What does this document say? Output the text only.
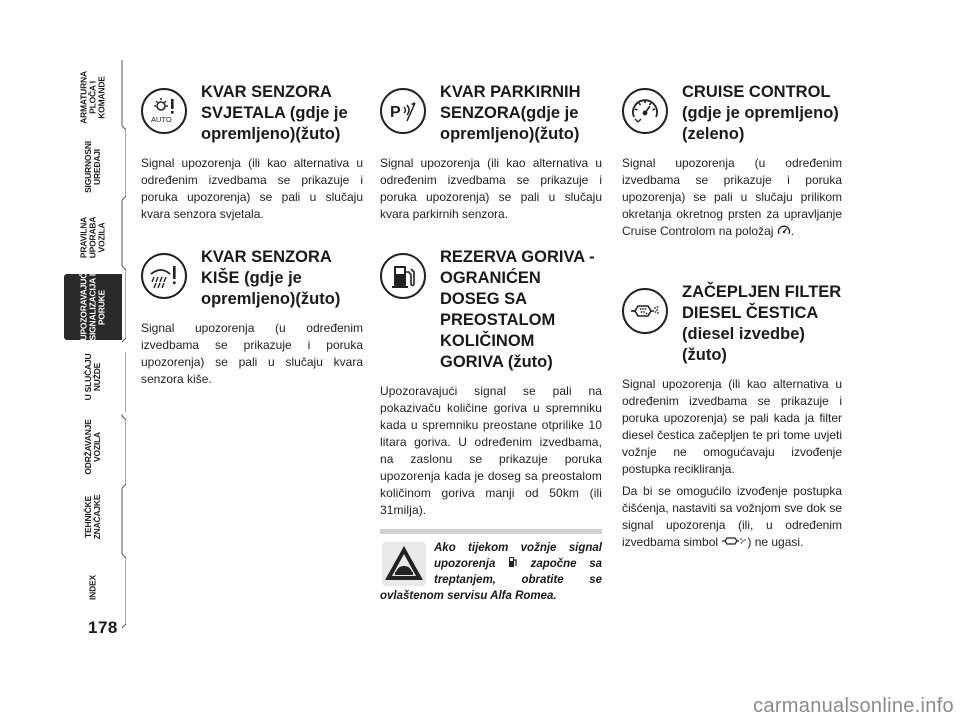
ARMATURNA
PLOČA I
KOMANDE
SIGURNOSNI
UREĐAJI
PRAVILNA
UPORABA
VOZILA
UPOZORAVAJUĆA
SIGNALIZACIJA I
PORUKE
U SLUČAJU
NUŽDE
ODRŽAVANJE
VOZILA
TEHNIČKE
ZNAČAJKE
INDEX
178
AUTO
KVAR SENZORA
SVJETALA (gdje je
opremljeno)(žuto)

Signal upozorenja (ili kao alternativa u određenim izvedbama se prikazuje i poruka upozorenja) se pali u slučaju kvara senzora svjetala.

KVAR SENZORA
KIŠE (gdje je
opremljeno)(žuto)

Signal upozorenja (u određenim izvedbama se prikazuje i poruka upozorenja) se pali u slučaju kvara senzora kiše.

P
KVAR PARKIRNIH
SENZORA(gdje je
opremljeno)(žuto)

Signal upozorenja (ili kao alternativa u određenim izvedbama se prikazuje i poruka upozorenja) se pali u slučaju kvara parkirnih senzora.

REZERVA GORIVA -
OGRANIĆEN
DOSEG SA
PREOSTALOM
KOLIČINOM
GORIVA (žuto)

Upozoravajući signal se pali na pokazivaču količine goriva u spremniku kada u spremniku preostane otprilike 10 litara goriva. U određenim izvedbama, na zaslonu se prikazuje poruka upozorenja kada je doseg sa preostalom količinom goriva manji od 50km (ili 31milja).

Ako tijekom vožnje signal upozorenja  započne sa treptanjem, obratite se ovlaštenom servisu Alfa Romea.

CRUISE CONTROL
(gdje je opremljeno)
(zeleno)

Signal upozorenja (u određenim izvedbama se prikazuje i poruka upozorenja) se pali u slučaju prilikom okretanja okretnog prsten za upravljanje Cruise Controlom na položaj .

ZAČEPLJEN FILTER
DIESEL ČESTICA
(diesel izvedbe)
(žuto)

Signal upozorenja (ili kao alternativa u određenim izvedbama se prikazuje i poruka upozorenja) se pali kada ja filter diesel čestica začepljen te pri tome uvjeti vožnje ne omogućavaju izvođenje postupka recikliranja.

Da bi se omogućilo izvođenje postupka čišćenja, nastaviti sa vožnjom sve dok se signal upozorenja (ili, u određenim izvedbama simbol ) ne ugasi.

carmanualsonline.info
